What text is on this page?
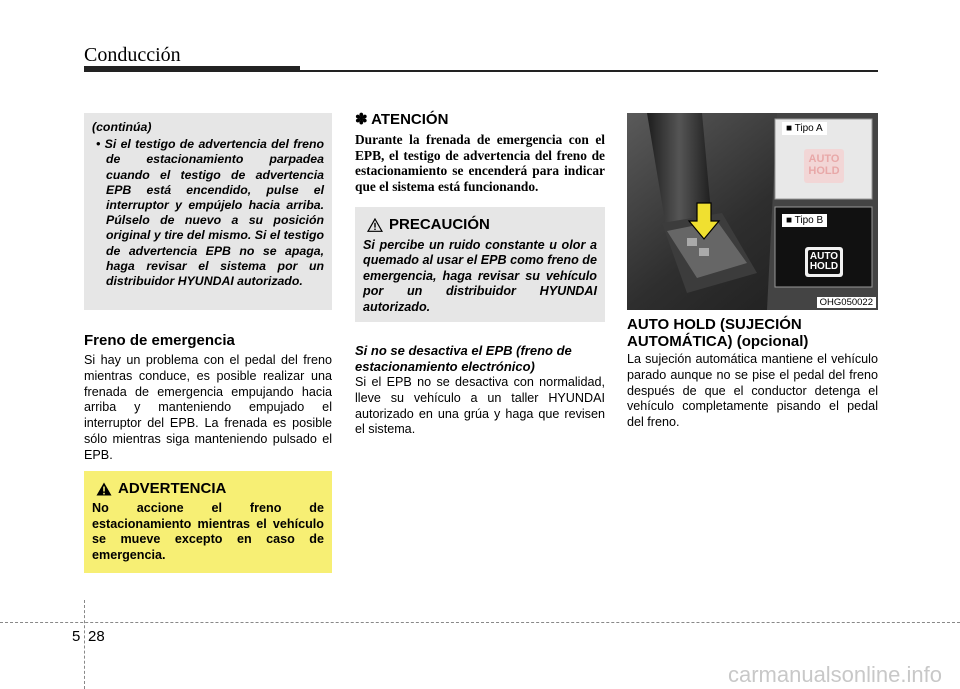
Conducción
(continúa)
• Si el testigo de advertencia del freno de estacionamiento parpadea cuando el testigo de advertencia EPB está encendido, pulse el interruptor y empújelo hacia arriba. Púlselo de nuevo a su posición original y tire del mismo. Si el testigo de advertencia EPB no se apaga, haga revisar el sistema por un distribuidor HYUNDAI autorizado.
Freno de emergencia
Si hay un problema con el pedal del freno mientras conduce, es posible realizar una frenada de emergencia empujando hacia arriba y manteniendo empujado el interruptor del EPB. La frenada es posible sólo mientras siga manteniendo pulsado el EPB.
ADVERTENCIA
No accione el freno de estacionamiento mientras el vehículo se mueve excepto en caso de emergencia.
✽ ATENCIÓN
Durante la frenada de emergencia con el EPB, el testigo de advertencia del freno de estacionamiento se encenderá para indicar que el sistema está funcionando.
PRECAUCIÓN
Si percibe un ruido constante u olor a quemado al usar el EPB como freno de emergencia, haga revisar su vehículo por un distribuidor HYUNDAI autorizado.
Si no se desactiva el EPB (freno de estacionamiento electrónico)
Si el EPB no se desactiva con normalidad, lleve su vehículo a un taller HYUNDAI autorizado en una grúa y haga que revisen el sistema.
■ Tipo A
■ Tipo B
AUTO
HOLD
AUTO
HOLD
OHG050022
AUTO HOLD (SUJECIÓN AUTOMÁTICA) (opcional)
La sujeción automática mantiene el vehículo parado aunque no se pise el pedal del freno después de que el conductor detenga el vehículo completamente pisando el pedal del freno.
5 28
carmanualsonline.info
